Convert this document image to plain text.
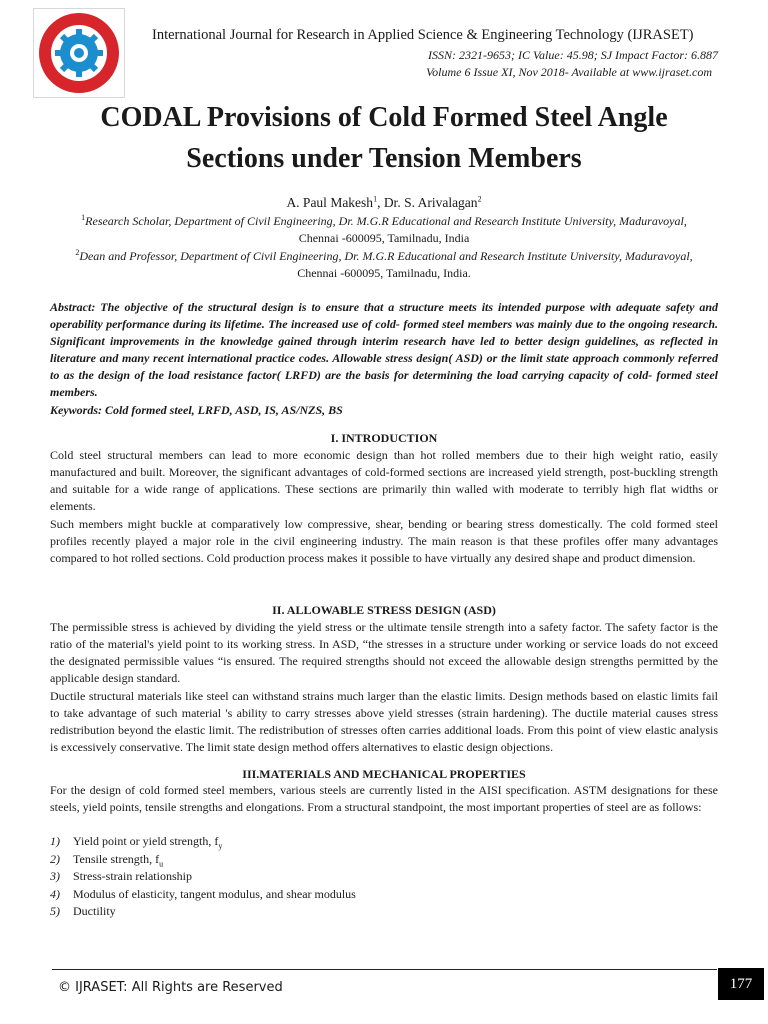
International Journal for Research in Applied Science & Engineering Technology (IJRASET)
ISSN: 2321-9653; IC Value: 45.98; SJ Impact Factor: 6.887
Volume 6 Issue XI, Nov 2018- Available at www.ijraset.com
CODAL Provisions of Cold Formed Steel Angle
Sections under Tension Members
A. Paul Makesh$^1$, Dr. S. Arivalagan$^2$
$^1$Research Scholar, Department of Civil Engineering, Dr. M.G.R Educational and Research Institute University, Maduravoyal,
Chennai -600095, Tamilnadu, India
$^2$Dean and Professor, Department of Civil Engineering, Dr. M.G.R Educational and Research Institute University, Maduravoyal,
Chennai -600095, Tamilnadu, India.

Abstract: The objective of the structural design is to ensure that a structure meets its intended purpose with adequate safety and operability performance during its lifetime. The increased use of cold- formed steel members was mainly due to the ongoing research. Significant improvements in the knowledge gained through interim research have led to better design guidelines, as reflected in literature and many recent international practice codes. Allowable stress design( ASD) or the limit state approach commonly referred to as the design of the load resistance factor( LRFD) are the basis for determining the load carrying capacity of cold- formed steel members.

Keywords: Cold formed steel, LRFD, ASD, IS, AS/NZS, BS

I. INTRODUCTION

Cold steel structural members can lead to more economic design than hot rolled members due to their high weight ratio, easily manufactured and built. Moreover, the significant advantages of cold-formed sections are increased yield strength, post-buckling strength and suitable for a wide range of applications. These sections are primarily thin walled with moderate to terribly high flat widths or elements.

Such members might buckle at comparatively low compressive, shear, bending or bearing stress domestically. The cold formed steel profiles recently played a major role in the civil engineering industry. The main reason is that these profiles offer many advantages compared to hot rolled sections. Cold production process makes it possible to have virtually any desired shape and product dimension.

II. ALLOWABLE STRESS DESIGN (ASD)

The permissible stress is achieved by dividing the yield stress or the ultimate tensile strength into a safety factor. The safety factor is the ratio of the material's yield point to its working stress. In ASD, “the stresses in a structure under working or service loads do not exceed the designated permissible values “is ensured. The required strengths should not exceed the allowable design strengths permitted by the applicable design standard.

Ductile structural materials like steel can withstand strains much larger than the elastic limits. Design methods based on elastic limits fail to take advantage of such material 's ability to carry stresses above yield stresses (strain hardening). The ductile material causes stress redistribution beyond the elastic limit. The redistribution of stresses often carries additional loads. From this point of view elastic analysis is excessively conservative. The limit state design method offers alternatives to elastic design objections.

III.MATERIALS AND MECHANICAL PROPERTIES

For the design of cold formed steel members, various steels are currently listed in the AISI specification. ASTM designations for these steels, yield points, tensile strengths and elongations. From a structural standpoint, the most important properties of steel are as follows:

1)	Yield point or yield strength, $f_y$
2)	Tensile strength, $f_u$
3)	Stress-strain relationship
4)	Modulus of elasticity, tangent modulus, and shear modulus
5)	Ductility
© IJRASET: All Rights are Reserved	177
